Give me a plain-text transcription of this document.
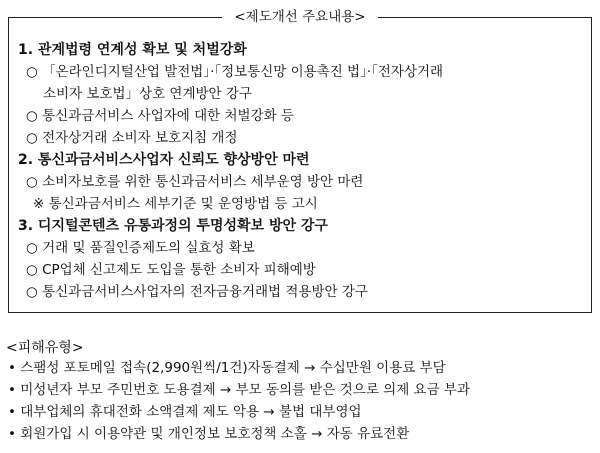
<제도개선 주요내용>
1. 관계법령 연계성 확보 및 처벌강화
○ 「온라인디지털산업 발전법」·「정보통신망 이용촉진 법」·「전자상거래
소비자 보호법」상호 연계방안 강구
○ 통신과금서비스 사업자에 대한 처벌강화 등
○ 전자상거래 소비자 보호지침 개정
2. 통신과금서비스사업자 신뢰도 향상방안 마련
○ 소비자보호를 위한 통신과금서비스 세부운영 방안 마련
※ 통신과금서비스 세부기준 및 운영방법 등 고시
3. 디지털콘텐츠 유통과정의 투명성확보 방안 강구
○ 거래 및 품질인증제도의 실효성 확보
○ CP업체 신고제도 도입을 통한 소비자 피해예방
○ 통신과금서비스사업자의 전자금융거래법 적용방안 강구
<피해유형>
• 스팸성 포토메일 접속(2,990원씩/1건)자동결제 → 수십만원 이용료 부담
• 미성년자 부모 주민번호 도용결제 → 부모 동의를 받은 것으로 의제 요금 부과
• 대부업체의 휴대전화 소액결제 제도 악용 → 불법 대부영업
• 회원가입 시 이용약관 및 개인정보 보호정책 소홀 → 자동 유료전환
